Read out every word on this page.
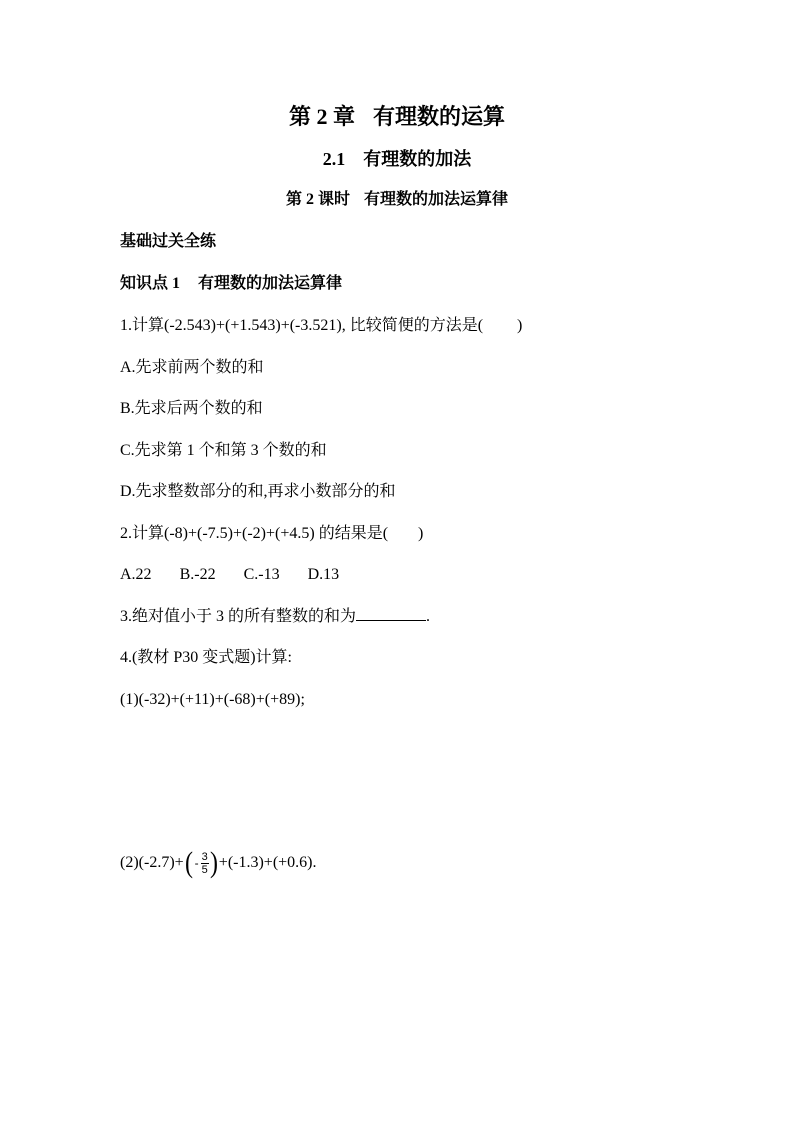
第 2 章 有理数的运算
2.1 有理数的加法
第 2 课时 有理数的加法运算律
基础过关全练
知识点 1 有理数的加法运算律
1.计算(-2.543)+(+1.543)+(-3.521), 比较简便的方法是( )
A.先求前两个数的和
B.先求后两个数的和
C.先求第 1 个和第 3 个数的和
D.先求整数部分的和,再求小数部分的和
2.计算(-8)+(-7.5)+(-2)+(+4.5) 的结果是( )
A.22 B.-22 C.-13 D.13
3.绝对值小于 3 的所有整数的和为	.
4.(教材 P30 变式题)计算:
(1)(-32)+(+11)+(-68)+(+89);
(2)(-2.7)+ ( - $\frac{3}{5}$ ) +(-1.3)+(+0.6).
